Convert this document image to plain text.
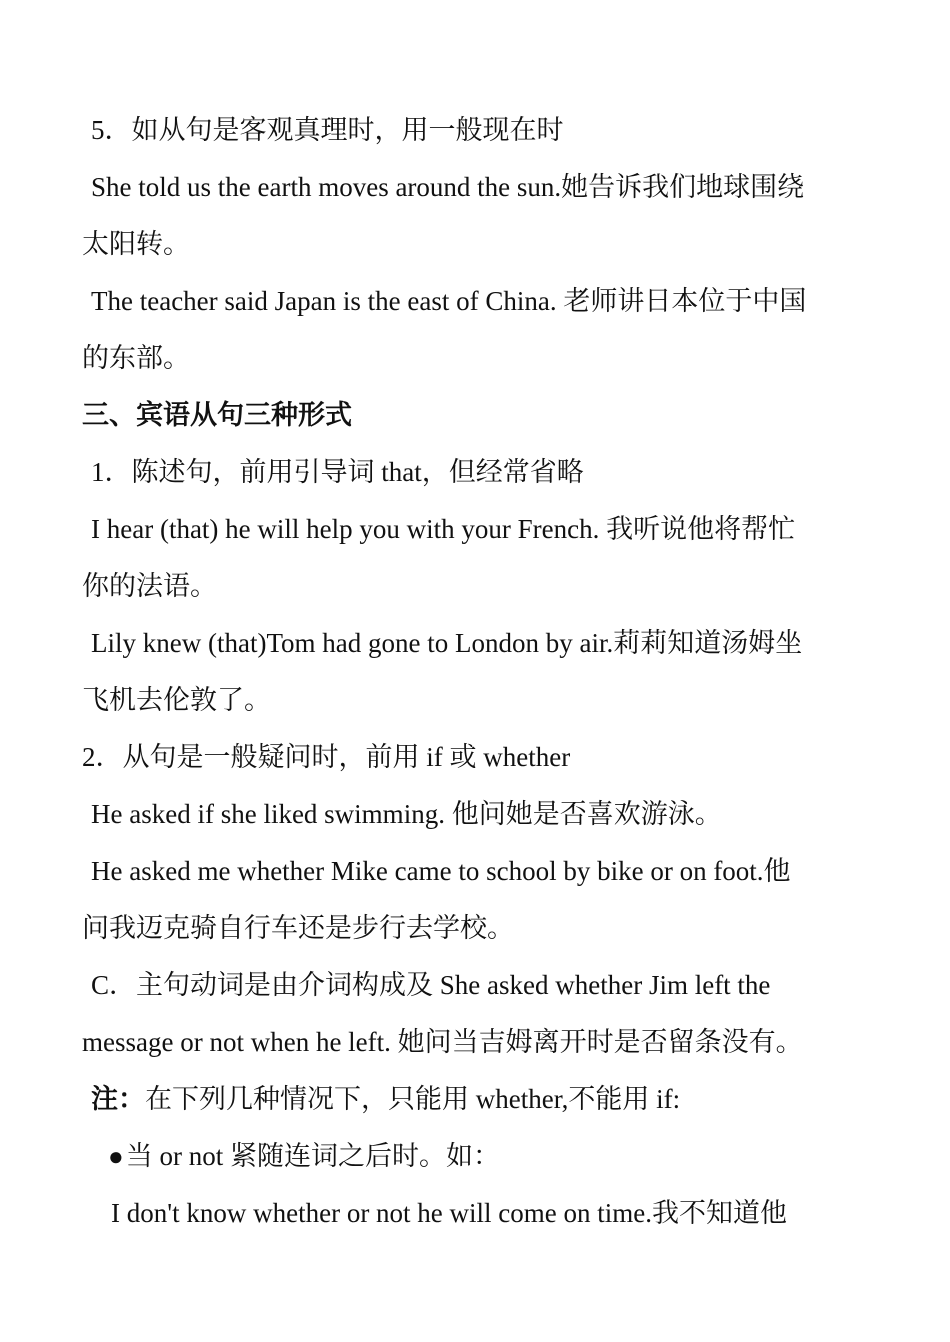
5．如从句是客观真理时，用一般现在时
She told us the earth moves around the sun.她告诉我们地球围绕
太阳转。
The teacher said Japan is the east of China. 老师讲日本位于中国
的东部。
三、宾语从句三种形式
1．陈述句，前用引导词 that，但经常省略
I hear (that) he will help you with your French. 我听说他将帮忙
你的法语。
Lily knew (that)Tom had gone to London by air.莉莉知道汤姆坐
飞机去伦敦了。
2．从句是一般疑问时，前用 if 或 whether
He asked if she liked swimming. 他问她是否喜欢游泳。
He asked me whether Mike came to school by bike or on foot.他
问我迈克骑自行车还是步行去学校。
C．主句动词是由介词构成及 She asked whether Jim left the
message or not when he left. 她问当吉姆离开时是否留条没有。
注：在下列几种情况下，只能用 whether,不能用 if:
●当 or not 紧随连词之后时。如：
I don't know whether or not he will come on time.我不知道他
